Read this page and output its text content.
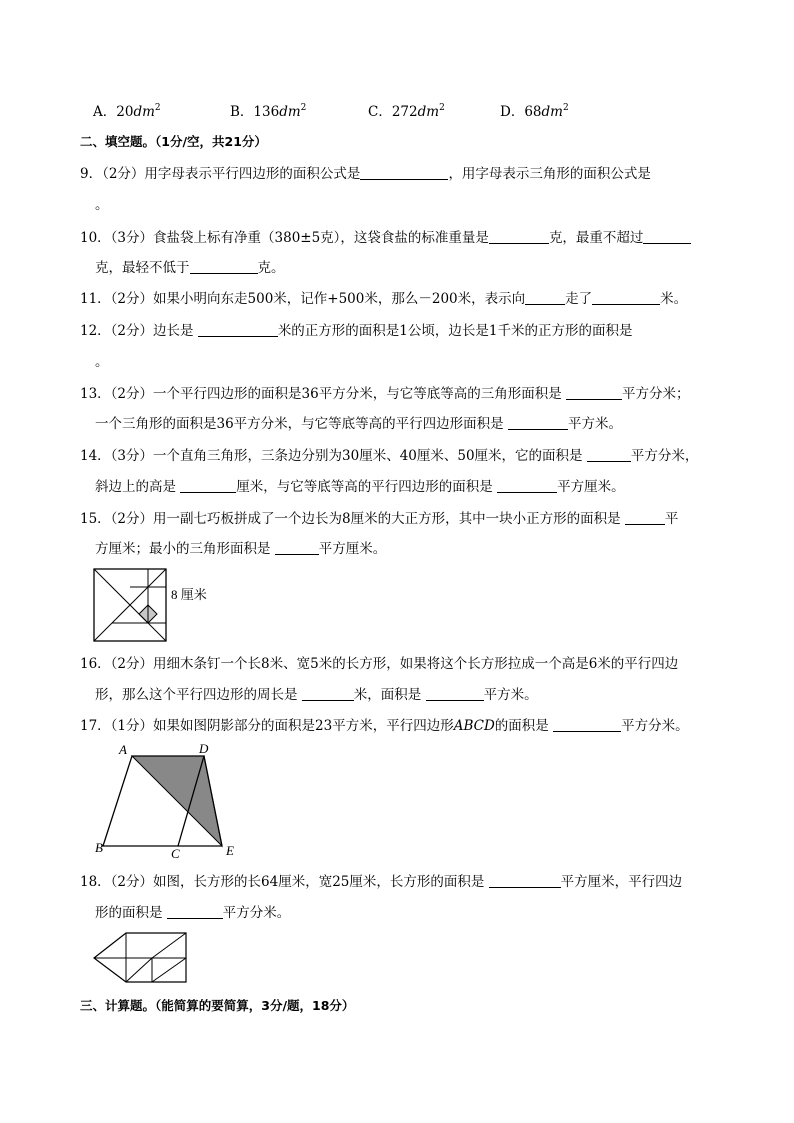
A．$20dm^2$	B．$136dm^2$	C．$272dm^2$	D．$68dm^2$
二、填空题。（1分/空，共21分）
9．（2分）用字母表示平行四边形的面积公式是	，用字母表示三角形的面积公式是
。
10．（3分）食盐袋上标有净重（380±5克），这袋食盐的标准重量是	克，最重不超过
克，最轻不低于	克。
11．（2分）如果小明向东走500米，记作+500米，那么－200米，表示向	走了	米。
12．（2分）边长是	米的正方形的面积是1公顷，边长是1千米的正方形的面积是
。
13．（2分）一个平行四边形的面积是36平方分米，与它等底等高的三角形面积是	平方分米；
一个三角形的面积是36平方分米，与它等底等高的平行四边形面积是	平方米。
14．（3分）一个直角三角形，三条边分别为30厘米、40厘米、50厘米，它的面积是	平方分米，
斜边上的高是	厘米，与它等底等高的平行四边形的面积是	平方厘米。
15．（2分）用一副七巧板拼成了一个边长为8厘米的大正方形，其中一块小正方形的面积是	平
方厘米；最小的三角形面积是	平方厘米。
8 厘米
16．（2分）用细木条钉一个长8米、宽5米的长方形，如果将这个长方形拉成一个高是6米的平行四边
形，那么这个平行四边形的周长是	米，面积是	平方米。
17．（1分）如果如图阴影部分的面积是23平方米，平行四边形ABCD的面积是	平方分米。
A	D
B	C	E
18．（2分）如图，长方形的长64厘米，宽25厘米，长方形的面积是	平方厘米，平行四边
形的面积是	平方分米。
三、计算题。（能简算的要简算，3分/题，18分）
